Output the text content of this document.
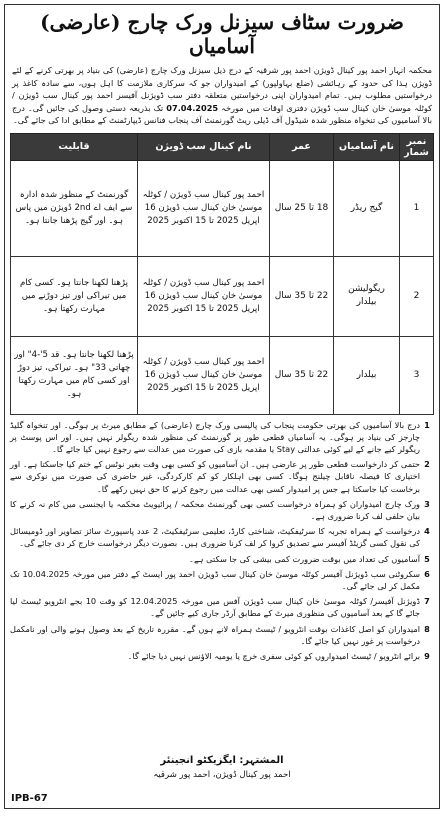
ضرورت سٹاف سیزنل ورک چارج (عارضی) آسامیاں
محکمہ انہار احمد پور کینال ڈویژن احمد پور شرقیہ کے درج ذیل سیزنل ورک چارج (عارضی) کی بنیاد پر بھرتی کرنے کے لئے ڈویژن ہذا کی حدود کے رہائشی (ضلع بہاولپور) کے امیدواران جو کہ سرکاری ملازمت کا اہل ہوں، سے سادہ کاغذ پر درخواستیں مطلوب ہیں۔ تمام امیدواران اپنی درخواستیں متعلقہ دفتر سب ڈویژنل آفیسر احمد پور کینال سب ڈویژن / کوٹلہ موسیٰ خان کینال سب ڈویژن دفتری اوقات میں مورخہ 07.04.2025 تک بذریعہ دستی وصول کی جائیں گی۔ درج بالا آسامیوں کی تنخواہ منظور شدہ شیڈول آف ڈیلی ریٹ گورنمنٹ آف پنجاب فنانس ڈیپارٹمنٹ کے مطابق ادا کی جائے گی۔
نمبر شمار	نام آسامیاں	عمر	نام کینال سب ڈویژن	قابلیت
1	گیج ریڈر	18 تا 25 سال	احمد پور کینال سب ڈویژن / کوٹلہ موسیٰ خان کینال سب ڈویژن 16 اپریل 2025 تا 15 اکتوبر 2025	گورنمنٹ کے منظور شدہ ادارہ سے ایف اے 2nd ڈویژن میں پاس ہو۔ اور گیج پڑھنا جانتا ہو۔
2	ریگولیشن بیلدار	22 تا 35 سال	احمد پور کینال سب ڈویژن / کوٹلہ موسیٰ خان کینال سب ڈویژن 16 اپریل 2025 تا 15 اکتوبر 2025	پڑھنا لکھنا جانتا ہو۔ کسی کام میں تیراکی اور تیز دوڑنے میں مہارت رکھتا ہو۔
3	بیلدار	22 تا 35 سال	احمد پور کینال سب ڈویژن / کوٹلہ موسیٰ خان کینال سب ڈویژن 16 اپریل 2025 تا 15 اکتوبر 2025	پڑھنا لکھنا جانتا ہو۔ قد 5'-4" اور چھاتی 33" ہو۔ تیراکی، تیز دوڑ اور کسی کام میں مہارت رکھتا ہو۔
1
درج بالا آسامیوں کی بھرتی حکومت پنجاب کی پالیسی ورک چارج (عارضی) کے مطابق میرٹ پر ہوگی۔ اور تنخواہ گلیڈ چارجز کی بنیاد پر ہوگی۔ یہ آسامیاں قطعی طور پر گورنمنٹ کی منظور شدہ ریگولر نہیں ہیں۔ اور اس پوسٹ پر ریگولر کیے جانے کے لیے کوئی عدالتی Stay یا مقدمہ بازی کی صورت میں عدالت سے رجوع نہیں کیا جائے گا۔
2
حتمی کر دارخواست قطعی طور پر عارضی ہیں۔ ان آسامیوں کو کسی بھی وقت بغیر نوٹس کے ختم کیا جاسکتا ہے۔ اور اختیاری کا فیصلہ ناقابل چیلنج ہوگا۔ کسی بھی اہلکار کو کم کارکردگی، غیر حاضری کی صورت میں نوکری سے برخاست کیا جاسکتا ہے جس پر امیدوار کسی بھی عدالت میں رجوع کرنے کا حق نہیں رکھے گا۔
3
ورک چارج امیدواران کو ہمراہ درخواست کسی بھی گورنمنٹ محکمہ / پرائیویٹ محکمہ یا ایجنسی میں کام نہ کرنے کا بیان حلفی لف کرنا ضروری ہے۔
4
درخواست کے ہمراہ تجربہ کا سرٹیفکیٹ، شناختی کارڈ، تعلیمی سرٹیفکیٹ، 2 عدد پاسپورٹ سائز تصاویر اور ڈومیسائل کی نقول کسی گزیٹڈ آفیسر سے تصدیق کروا کر لف کرنا ضروری ہیں۔ بصورت دیگر درخواست خارج کر دی جائے گی۔
5
آسامیوں کی تعداد میں بوقت ضرورت کمی بیشی کی جا سکتی ہے۔
6
سکروٹنی سب ڈویژنل آفیسر کوٹلہ موسیٰ خان کینال سب ڈویژن احمد پور ایسٹ کے دفتر میں مورخہ 10.04.2025 تک مکمل کر لی جائے گی۔
7
ڈویژنل آفیسر/ کوٹلہ موسیٰ خان کینال سب ڈویژن آفس میں مورخہ 12.04.2025 کو وقت 10 بجے انٹرویو ٹیسٹ لیا جائے گا کے بعد آسامیوں کی منظوری میرٹ کے مطابق آرڈر جاری کیے جائیں گے۔
8
امیدواران کو اصل کاغذات بوقت انٹرویو / ٹیسٹ ہمراہ لانے ہوں گے۔ مقررہ تاریخ کے بعد وصول ہونے والی اور نامکمل درخواست پر غور نہیں کیا جائے گا۔
9
برائے انٹرویو / ٹیسٹ امیدواروں کو کوئی سفری خرچ یا یومیہ الاؤنس نہیں دیا جائے گا۔
المشتہر: ایگزیکٹو انجینئر
احمد پور کینال ڈویژن، احمد پور شرقیہ
IPB-67
